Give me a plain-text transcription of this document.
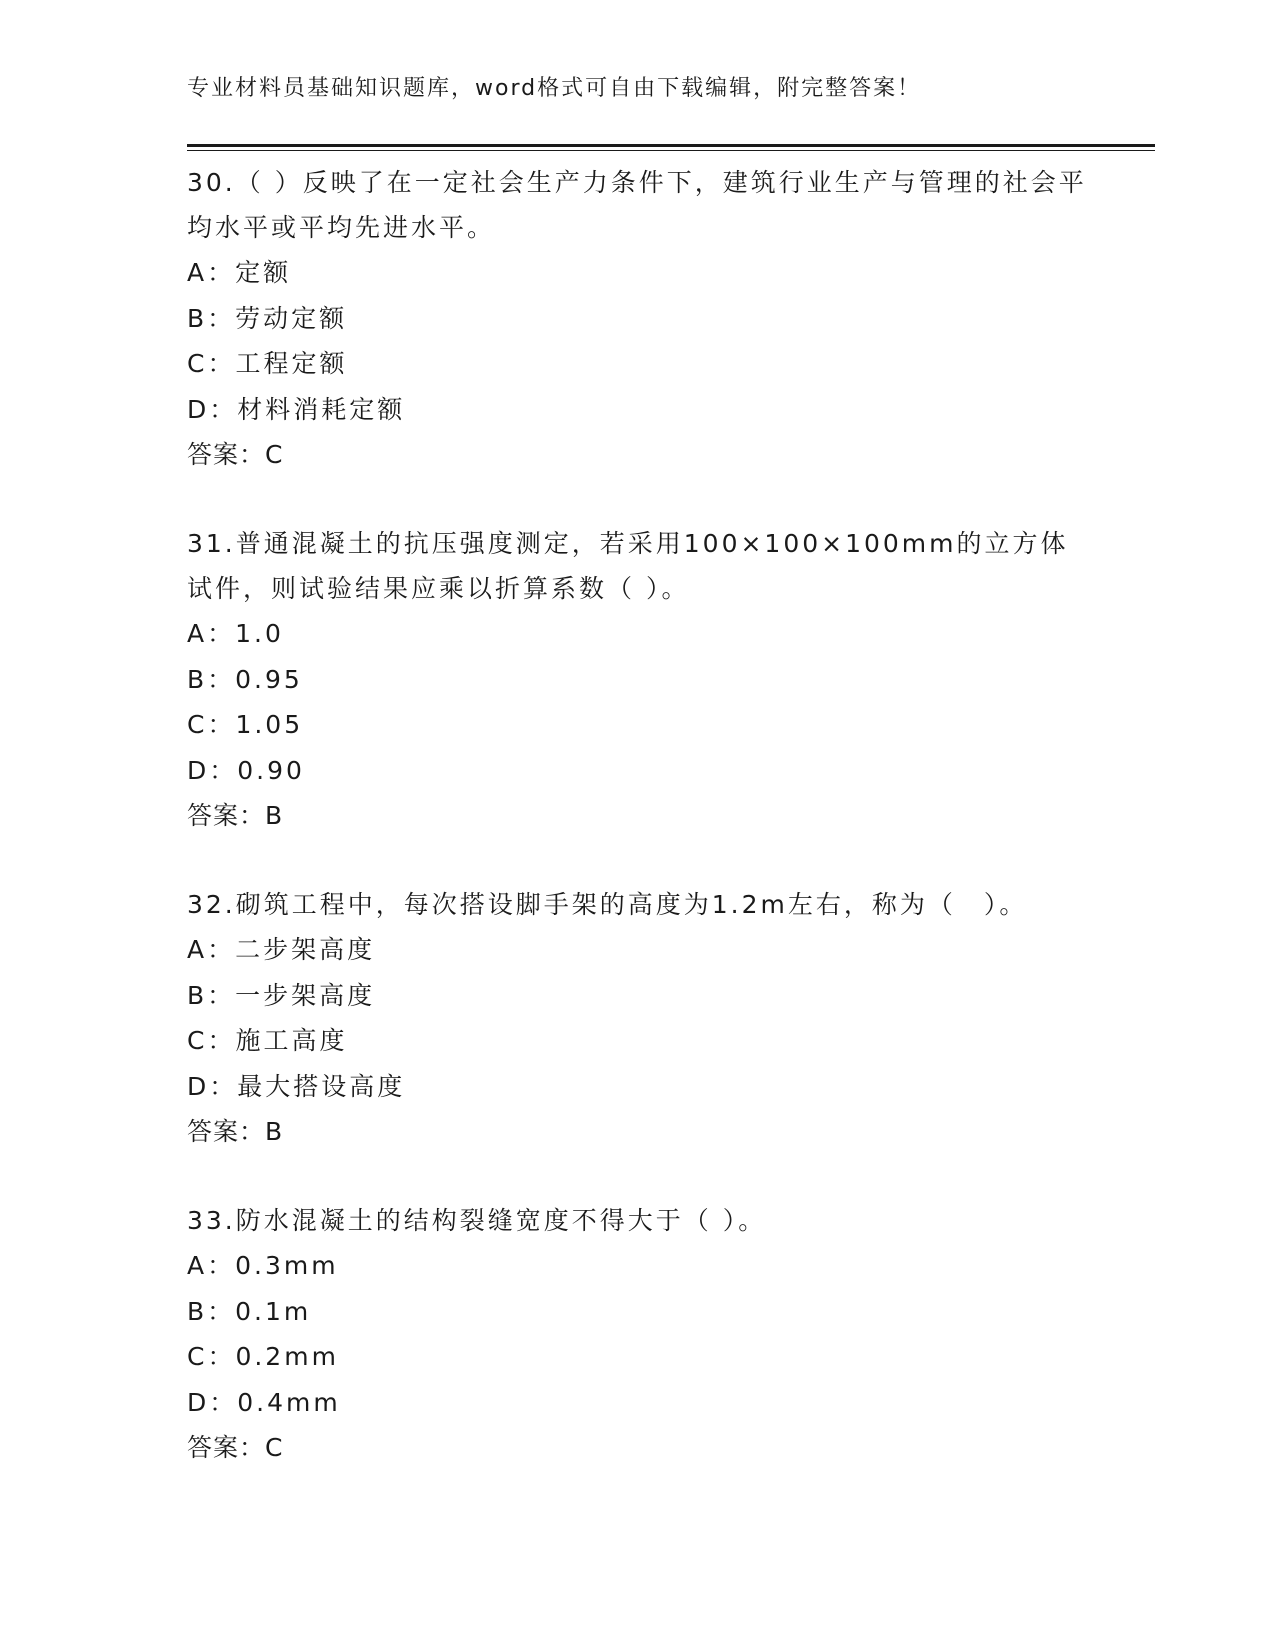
专业材料员基础知识题库，word格式可自由下载编辑，附完整答案！

30.（ ）反映了在一定社会生产力条件下，建筑行业生产与管理的社会平均水平或平均先进水平。

A：定额

B：劳动定额

C：工程定额

D：材料消耗定额

答案：C

31.普通混凝土的抗压强度测定，若采用100×100×100mm的立方体试件，则试验结果应乘以折算系数（ ）。

A：1.0

B：0.95

C：1.05

D：0.90

答案：B

32.砌筑工程中，每次搭设脚手架的高度为1.2m左右，称为（　）。

A：二步架高度

B：一步架高度

C：施工高度

D：最大搭设高度

答案：B

33.防水混凝土的结构裂缝宽度不得大于（ ）。

A：0.3mm

B：0.1m

C：0.2mm

D：0.4mm

答案：C
